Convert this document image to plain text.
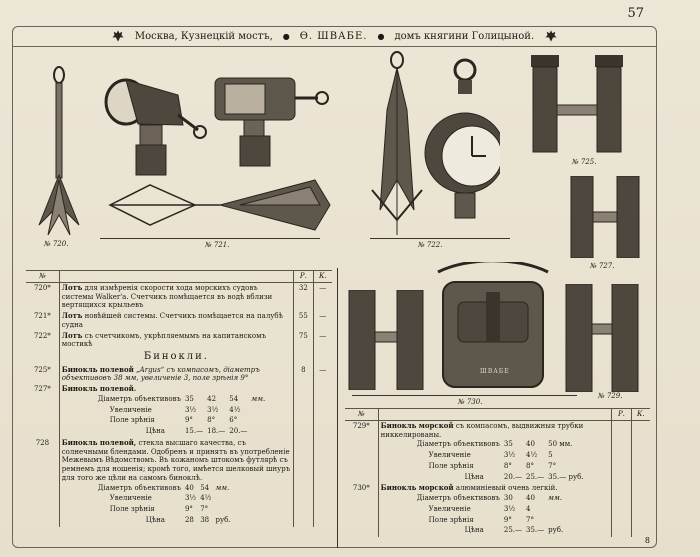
57
Москва, Кузнецкій мостъ, ● Ѳ. ШВАБЕ. ● домъ княгини Голицыной.
№ 720.	№ 721.	№ 722.
№ 725.
№ 727.
ШВАБЕ
№ 730.
№ 729.
№		Р.	К.
720*	Лотъ для измѣренія скорости хода морскихъ судовъ системы Walker'а. Счетчикъ помѣщается въ водѣ вблизи вертящихся крыльевъ	32	—
721*	Лотъ новѣйшей системы. Счетчикъ помѣщается на палубѣ судна	55	—
722*	Лотъ съ счетчикомъ, укрѣпляемымъ на капитанскомъ мостикѣ	75	—
	Бинокли.		
725*	Бинокль полевой „Argus“ съ компасомъ, діаметръ объективовъ 38 мм, увеличеніе 3, поле зрѣнія 9°	8	—
727*	Бинокль полевой.
Діаметръ объективовъ	35	42	54	мм.
Увеличеніе	3½	3½	4½	
Поле зрѣнія	9°	8°	6°	
Цѣна	15.—	18.—	20.—	

728	Бинокль полевой, стекла высшаго качества, съ солнечными блендами. Одобренъ и принятъ въ употребленіе Межевымъ Вѣдомствомъ. Въ кожаномъ штокомъ футлярѣ съ ремнемъ для ношенія; кромѣ того, имѣется шелковый шнуръ для того же цѣли на самомъ биноклѣ.
Діаметръ объективовъ	40	54	мм.
Увеличеніе	3½	4½	
Поле зрѣнія	9°	7°	
Цѣна	28	38	руб.

№		Р.	К.
729*	Бинокль морской съ компасомъ, выдвижныя трубки никкелированы.
Діаметръ объективовъ	35	40	50 мм.
Увеличеніе	3½	4½	5
Поле зрѣнія	8°	8°	7°
Цѣна	20.—	25.—	35.— руб.

730*	Бинокль морской алюминіевый очень легкій.
Діаметръ объективовъ	30	40	мм.
Увеличеніе	3½	4	
Поле зрѣнія	9°	7°	
Цѣна	25.—	35.—	руб.

8
